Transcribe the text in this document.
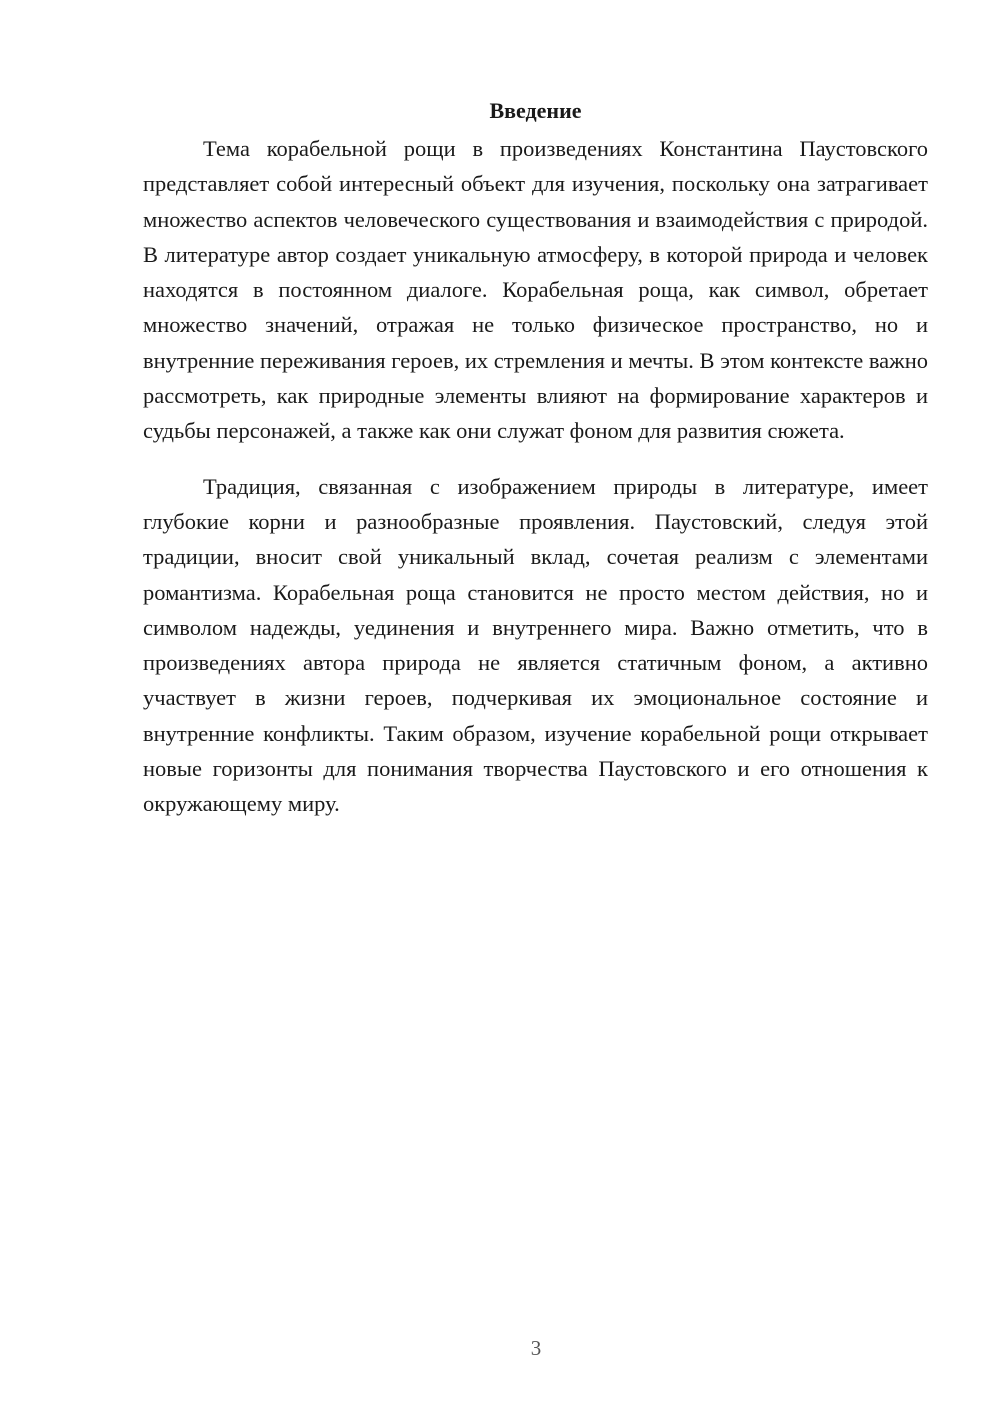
Введение

Тема корабельной рощи в произведениях Константина Паустовского представляет собой интересный объект для изучения, поскольку она затрагивает множество аспектов человеческого существования и взаимодействия с природой. В литературе автор создает уникальную атмосферу, в которой природа и человек находятся в постоянном диалоге. Корабельная роща, как символ, обретает множество значений, отражая не только физическое пространство, но и внутренние переживания героев, их стремления и мечты. В этом контексте важно рассмотреть, как природные элементы влияют на формирование характеров и судьбы персонажей, а также как они служат фоном для развития сюжета.

Традиция, связанная с изображением природы в литературе, имеет глубокие корни и разнообразные проявления. Паустовский, следуя этой традиции, вносит свой уникальный вклад, сочетая реализм с элементами романтизма. Корабельная роща становится не просто местом действия, но и символом надежды, уединения и внутреннего мира. Важно отметить, что в произведениях автора природа не является статичным фоном, а активно участвует в жизни героев, подчеркивая их эмоциональное состояние и внутренние конфликты. Таким образом, изучение корабельной рощи открывает новые горизонты для понимания творчества Паустовского и его отношения к окружающему миру.

3
